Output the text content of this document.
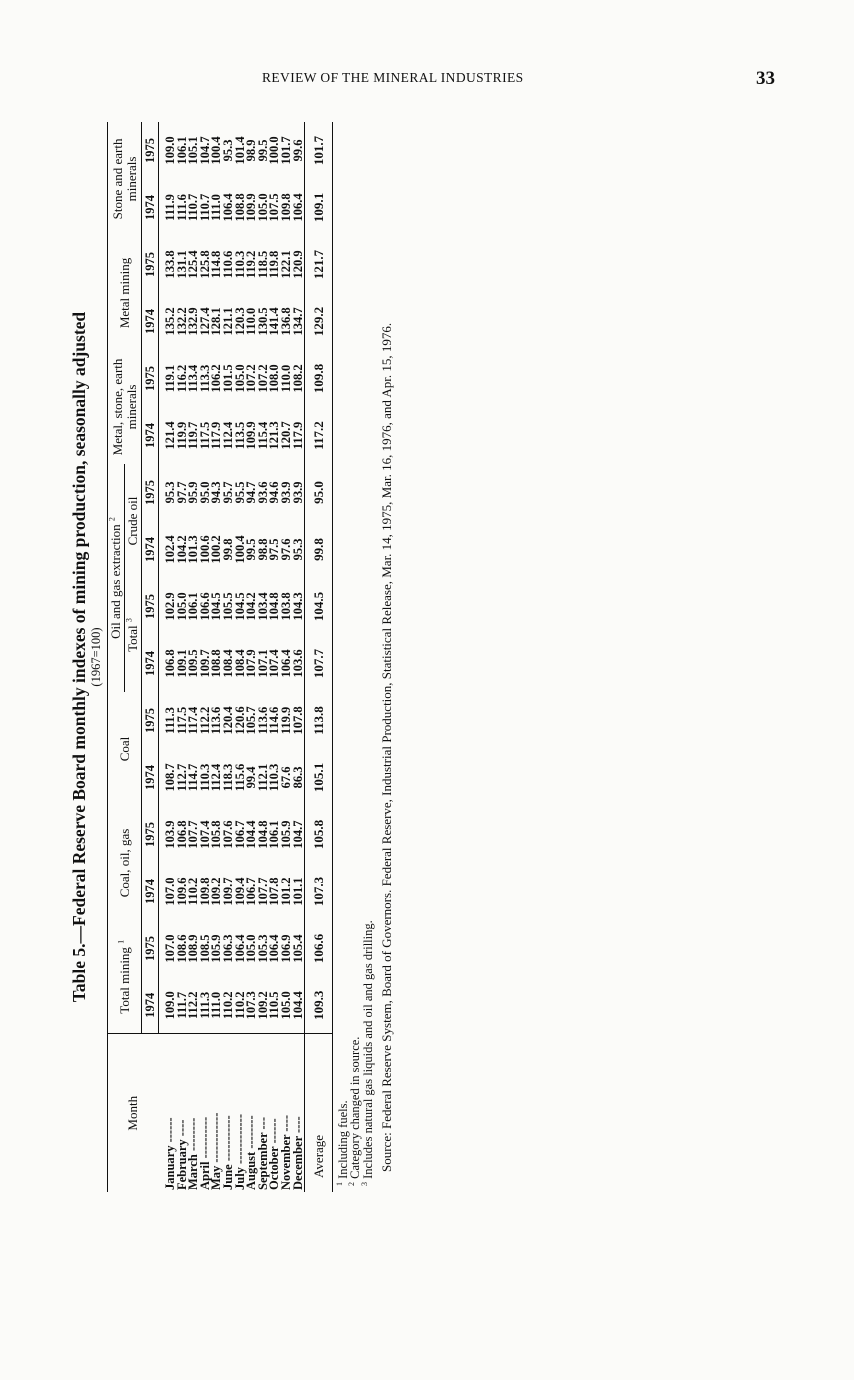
REVIEW OF THE MINERAL INDUSTRIES	33
Table 5.—Federal Reserve Board monthly indexes of mining production, seasonally adjusted (1967=100)
Month	Total mining $^1$		Coal, oil, gas		Coal		Oil and gas extraction $^2$				Metal, stone, earth minerals		Metal mining		Stone and earth minerals	
							Total $^3$		Crude oil							
	1974	1975	1974	1975	1974	1975	1974	1975	1974	1975	1974	1975	1974	1975	1974	1975
January ------	109.0	107.0	107.0	103.9	108.7	111.3	106.8	102.9	102.4	95.3	121.4	119.1	135.2	133.8	111.9	109.0
February ----	111.7	108.6	109.6	106.8	112.7	117.5	109.1	105.0	104.2	97.7	119.9	116.2	132.2	131.1	111.6	106.1
March --------	112.2	108.9	110.2	107.7	114.7	117.4	109.5	106.1	101.3	95.9	119.7	113.4	132.9	125.4	110.7	105.1
April ----------	111.3	108.5	109.8	107.4	110.3	112.2	109.7	106.6	100.6	95.0	117.5	113.3	127.4	125.8	110.7	104.7
May ------------	111.0	105.9	109.2	105.8	112.4	113.6	108.8	104.5	100.2	94.3	117.9	106.2	128.1	114.8	111.0	100.4
June -----------	110.2	106.3	109.7	107.6	118.3	120.4	108.4	105.5	99.8	95.7	112.4	101.5	121.1	110.6	106.4	95.3
July ------------	110.2	106.4	109.4	106.7	115.6	120.6	108.4	104.5	100.4	95.5	113.5	105.0	120.3	110.3	108.8	101.4
August --------	107.3	105.0	106.7	104.4	99.4	105.7	107.9	104.2	99.5	94.7	109.9	107.2	110.0	119.2	109.9	98.9
September ---	109.2	105.3	107.7	104.8	112.1	113.6	107.1	103.4	98.8	93.6	115.4	107.2	130.5	118.5	105.0	99.5
October ------	110.5	106.4	107.8	106.1	110.3	114.6	107.4	104.8	97.5	94.6	121.3	108.0	141.4	119.8	107.5	100.0
November ----	105.0	106.9	101.2	105.9	67.6	119.9	106.4	103.8	97.6	93.9	120.7	110.0	136.8	122.1	109.8	101.7
December ----	104.4	105.4	101.1	104.7	86.3	107.8	103.6	104.3	95.3	93.9	117.9	108.2	134.7	120.9	106.4	99.6
Average	109.3	106.6	107.3	105.8	105.1	113.8	107.7	104.5	99.8	95.0	117.2	109.8	129.2	121.7	109.1	101.7

$^1$ Including fuels.

$^2$ Category changed in source.

$^3$ Includes natural gas liquids and oil and gas drilling. Source: Federal Reserve System, Board of Governors. Federal Reserve, Industrial Production, Statistical Release, Mar. 14, 1975, Mar. 16, 1976, and Apr. 15, 1976.
